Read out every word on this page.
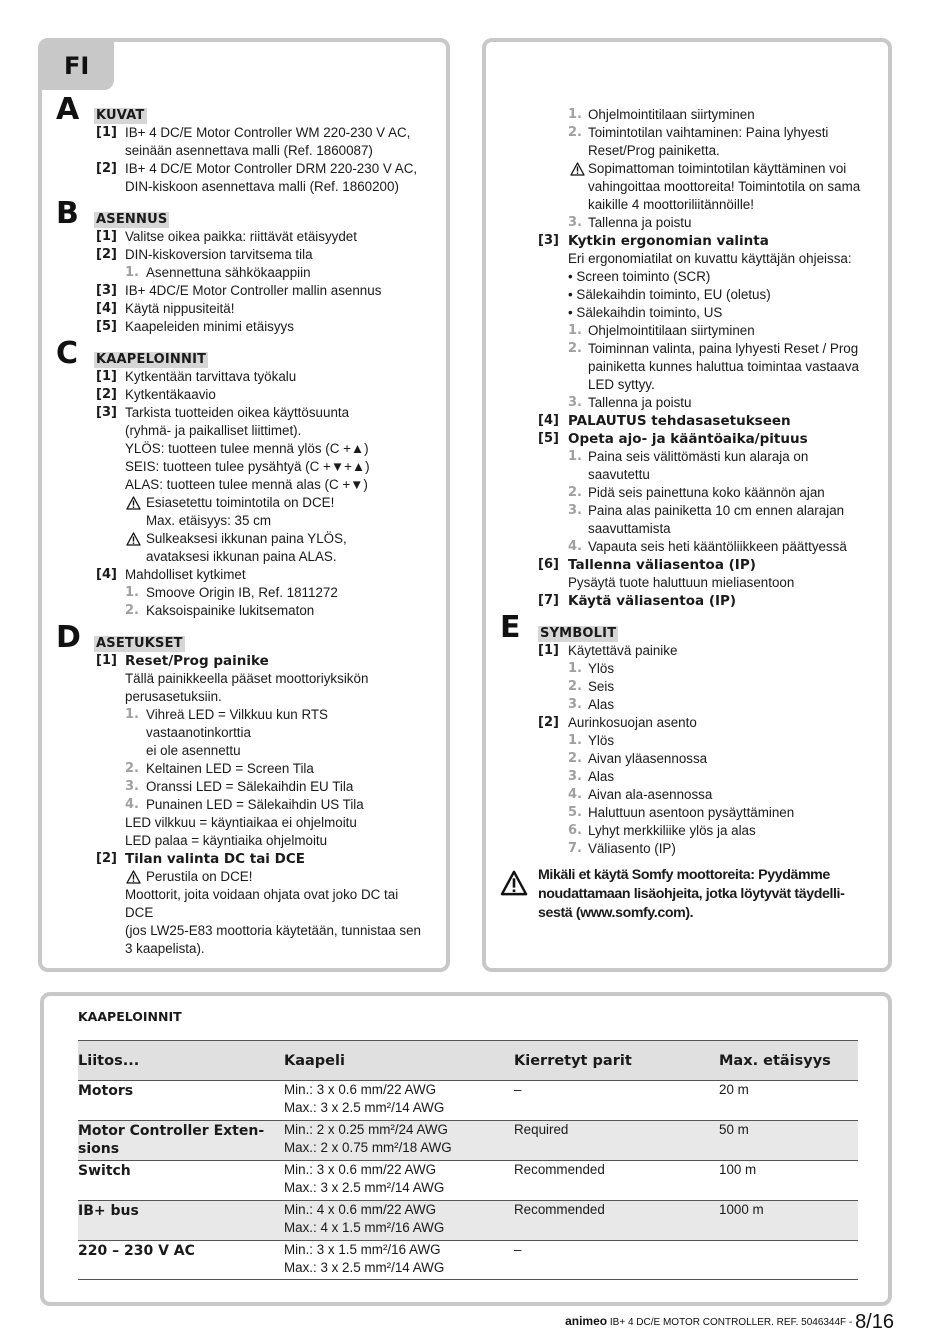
FI
A KUVAT
[1] IB+ 4 DC/E Motor Controller WM 220-230 V AC,
seinään asennettava malli (Ref. 1860087)
[2] IB+ 4 DC/E Motor Controller DRM 220-230 V AC,
DIN-kiskoon asennettava malli (Ref. 1860200)
B ASENNUS
[1] Valitse oikea paikka: riittävät etäisyydet
[2] DIN-kiskoversion tarvitsema tila
1. Asennettuna sähkökaappiin
[3] IB+ 4DC/E Motor Controller mallin asennus
[4] Käytä nippusiteitä!
[5] Kaapeleiden minimi etäisyys
C KAAPELOINNIT
[1] Kytkentään tarvittava työkalu
[2] Kytkentäkaavio
[3] Tarkista tuotteiden oikea käyttösuunta
(ryhmä- ja paikalliset liittimet).
YLÖS: tuotteen tulee mennä ylös (C +▲)
SEIS: tuotteen tulee pysähtyä (C +▼+▲)
ALAS: tuotteen tulee mennä alas (C +▼)
Esiasetettu toimintotila on DCE!
Max. etäisyys: 35 cm
Sulkeaksesi ikkunan paina YLÖS,
avataksesi ikkunan paina ALAS.
[4] Mahdolliset kytkimet
1. Smoove Origin IB, Ref. 1811272
2. Kaksoispainike lukitsematon
D ASETUKSET
[1] Reset/Prog painike
Tällä painikkeella pääset moottoriyksikön
perusasetuksiin.
1. Vihreä LED = Vilkkuu kun RTS vastaanotinkorttia
ei ole asennettu
2. Keltainen LED = Screen Tila
3. Oranssi LED = Sälekaihdin EU Tila
4. Punainen LED = Sälekaihdin US Tila
LED vilkkuu = käyntiaikaa ei ohjelmoitu
LED palaa = käyntiaika ohjelmoitu
[2] Tilan valinta DC tai DCE
Perustila on DCE!
Moottorit, joita voidaan ohjata ovat joko DC tai DCE
(jos LW25-E83 moottoria käytetään, tunnistaa sen
3 kaapelista).
1. Ohjelmointitilaan siirtyminen
2. Toimintotilan vaihtaminen: Paina lyhyesti
Reset/Prog painiketta.
Sopimattoman toimintotilan käyttäminen voi
vahingoittaa moottoreita! Toimintotila on sama
kaikille 4 moottoriliitännöille!
3. Tallenna ja poistu
[3] Kytkin ergonomian valinta
Eri ergonomiatilat on kuvattu käyttäjän ohjeissa:
• Screen toiminto (SCR)
• Sälekaihdin toiminto, EU (oletus)
• Sälekaihdin toiminto, US
1. Ohjelmointitilaan siirtyminen
2. Toiminnan valinta, paina lyhyesti Reset / Prog
painiketta kunnes haluttua toimintaa vastaava
LED syttyy.
3. Tallenna ja poistu
[4] PALAUTUS tehdasasetukseen
[5] Opeta ajo- ja kääntöaika/pituus
1. Paina seis välittömästi kun alaraja on saavutettu
2. Pidä seis painettuna koko käännön ajan
3. Paina alas painiketta 10 cm ennen alarajan
saavuttamista
4. Vapauta seis heti kääntöliikkeen päättyessä
[6] Tallenna väliasentoa (IP)
Pysäytä tuote haluttuun mieliasentoon
[7] Käytä väliasentoa (IP)
E SYMBOLIT
[1] Käytettävä painike
1. Ylös
2. Seis
3. Alas
[2] Aurinkosuojan asento
1. Ylös
2. Aivan yläasennossa
3. Alas
4. Aivan ala-asennossa
5. Haluttuun asentoon pysäyttäminen
6. Lyhyt merkkiliike ylös ja alas
7. Väliasento (IP)
Mikäli et käytä Somfy moottoreita: Pyydämme
noudattamaan lisäohjeita, jotka löytyvät täydelli-
sestä (www.somfy.com).
KAAPELOINNIT
Liitos...	Kaapeli	Kierretyt parit	Max. etäisyys
Motors	Min.: 3 x 0.6 mm/22 AWG
Max.: 3 x 2.5 mm²/14 AWG
–	20 m
Motor Controller Exten-
sions
Min.: 2 x 0.25 mm²/24 AWG
Max.: 2 x 0.75 mm²/18 AWG
Required	50 m
Switch	Min.: 3 x 0.6 mm/22 AWG
Max.: 3 x 2.5 mm²/14 AWG
Recommended	100 m
IB+ bus	Min.: 4 x 0.6 mm/22 AWG
Max.: 4 x 1.5 mm²/16 AWG
Recommended	1000 m
220 – 230 V AC	Min.: 3 x 1.5 mm²/16 AWG
Max.: 3 x 2.5 mm²/14 AWG
–
animeo IB+ 4 DC/E MOTOR CONTROLLER. REF. 5046344F - 8/16
